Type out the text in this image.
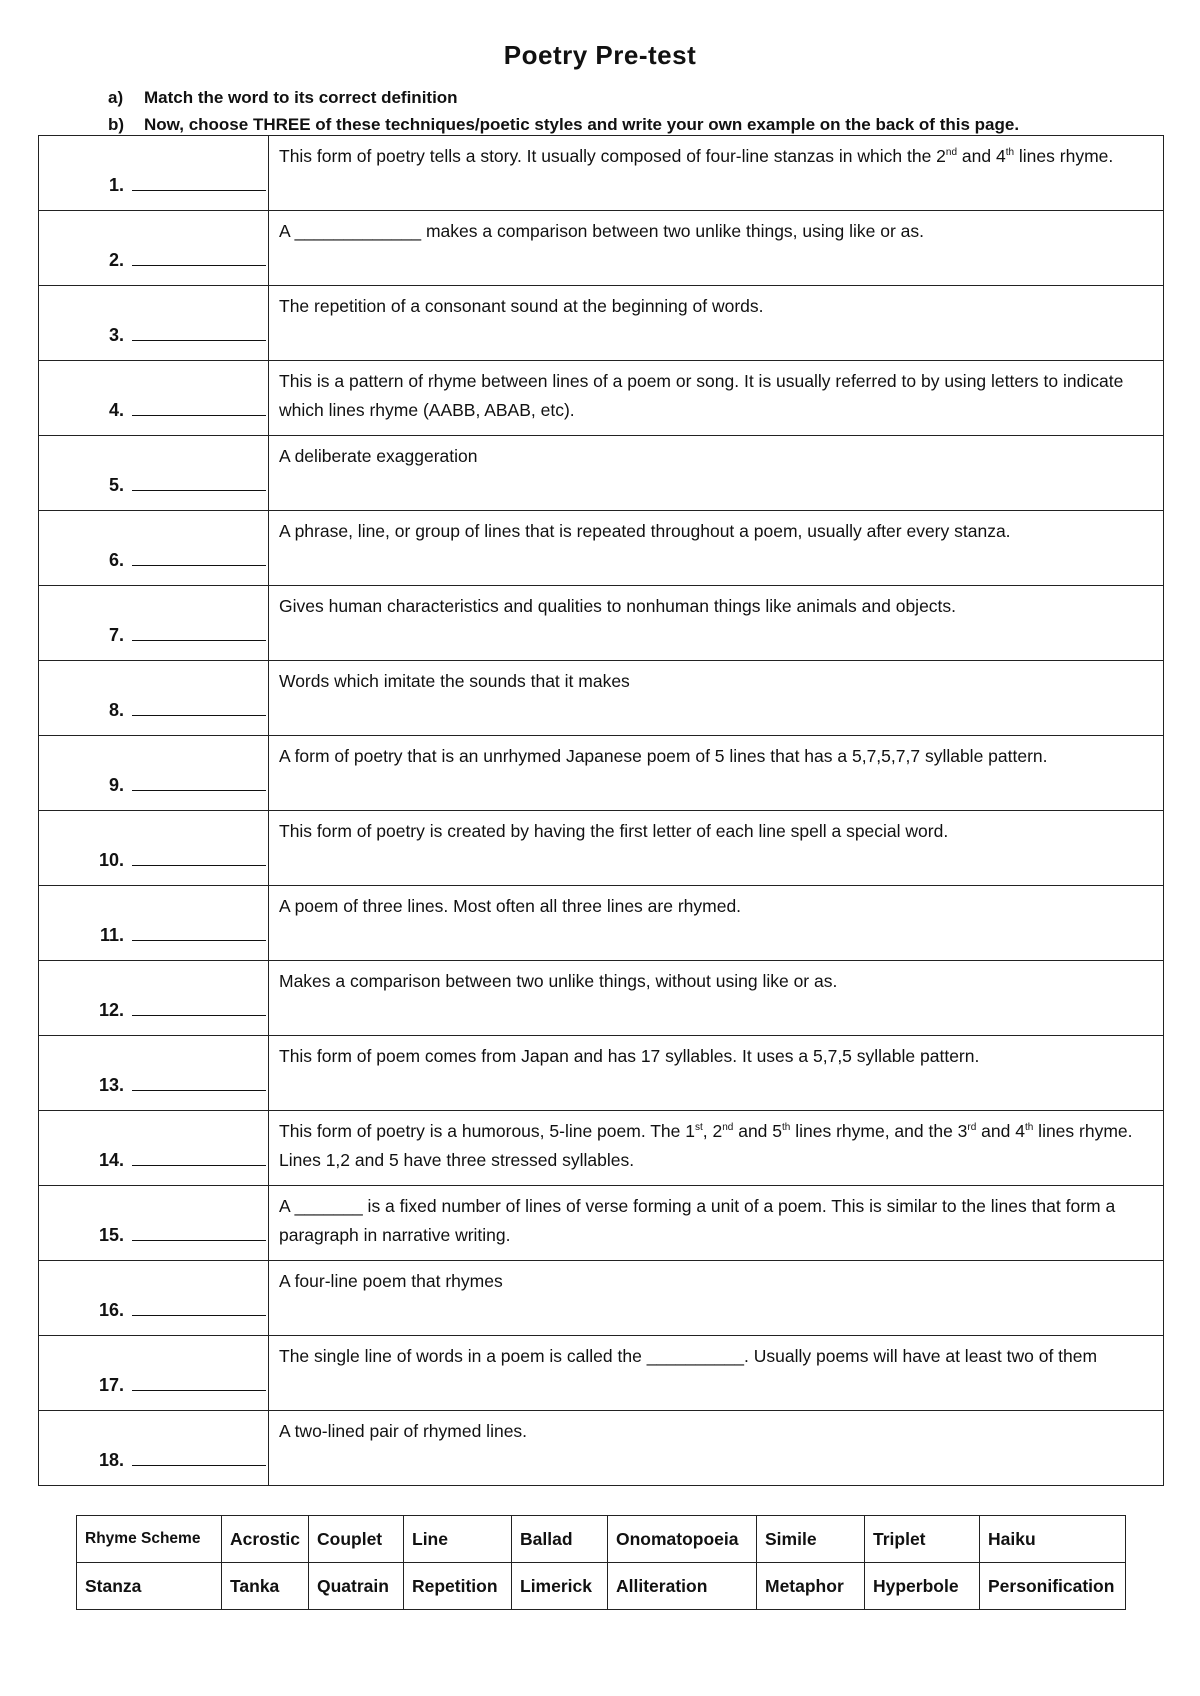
Poetry Pre-test
a) Match the word to its correct definition
b) Now, choose THREE of these techniques/poetic styles and write your own example on the back of this page.
1.	This form of poetry tells a story. It usually composed of four-line stanzas in which the 2nd and 4th lines rhyme.

2.	A _____________ makes a comparison between two unlike things, using like or as.

3.	The repetition of a consonant sound at the beginning of words.

4.	This is a pattern of rhyme between lines of a poem or song. It is usually referred to by using letters to indicate which lines rhyme (AABB, ABAB, etc).

5.	A deliberate exaggeration

6.	A phrase, line, or group of lines that is repeated throughout a poem, usually after every stanza.

7.	Gives human characteristics and qualities to nonhuman things like animals and objects.

8.	Words which imitate the sounds that it makes

9.	A form of poetry that is an unrhymed Japanese poem of 5 lines that has a 5,7,5,7,7 syllable pattern.

10.	This form of poetry is created by having the first letter of each line spell a special word.

11.	A poem of three lines. Most often all three lines are rhymed.

12.	Makes a comparison between two unlike things, without using like or as.

13.	This form of poem comes from Japan and has 17 syllables. It uses a 5,7,5 syllable pattern.

14.	This form of poetry is a humorous, 5-line poem. The 1st, 2nd and 5th lines rhyme, and the 3rd and 4th lines rhyme. Lines 1,2 and 5 have three stressed syllables.

15.	A _______ is a fixed number of lines of verse forming a unit of a poem. This is similar to the lines that form a paragraph in narrative writing.

16.	A four-line poem that rhymes

17.	The single line of words in a poem is called the __________. Usually poems will have at least two of them

18.	A two-lined pair of rhymed lines.
Rhyme Scheme	Acrostic	Couplet	Line	Ballad	Onomatopoeia	Simile	Triplet	Haiku
Stanza	Tanka	Quatrain	Repetition	Limerick	Alliteration	Metaphor	Hyperbole	Personification
